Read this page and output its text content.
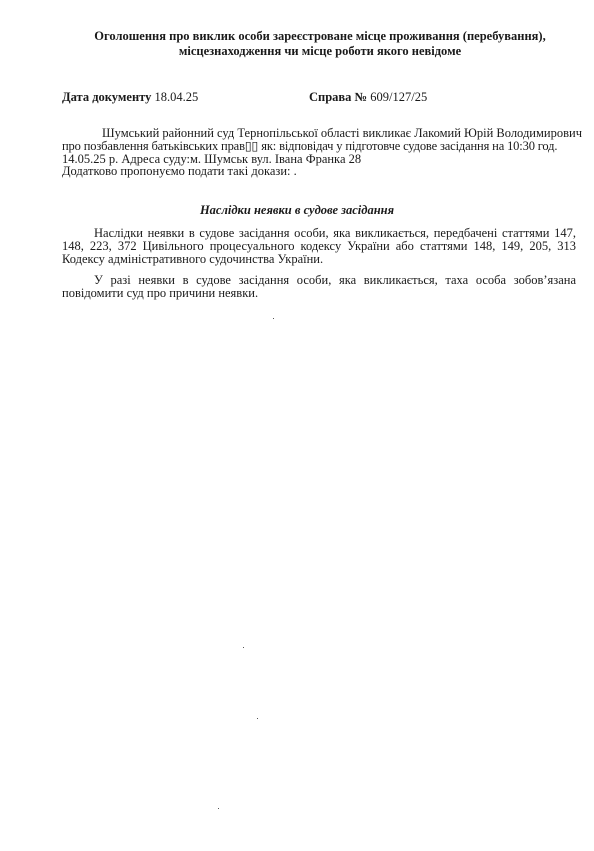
Оголошення про виклик особи зареєстроване місце проживання (перебування),
місцезнаходження чи місце роботи якого невідоме
Дата документу 18.04.25	Справа № 609/127/25
Шумський районний суд Тернопільської області викликає Лакомий Юрій Володимирович
про позбавлення батьківських прав▯▯ як: відповідач у підготовче судове засідання на 10:30 год.
14.05.25 р. Адреса суду:м. Шумськ вул. Івана Франка 28
Додатково пропонуємо подати такі докази: .
Наслідки неявки в судове засідання
Наслідки неявки в судове засідання особи, яка викликається, передбачені статтями 147, 148, 223, 372 Цивільного процесуального кодексу України або статтями 148, 149, 205, 313 Кодексу адміністративного судочинства України.
У разі неявки в судове засідання особи, яка викликається, таха особа зобов’язана повідомити суд про причини неявки.
